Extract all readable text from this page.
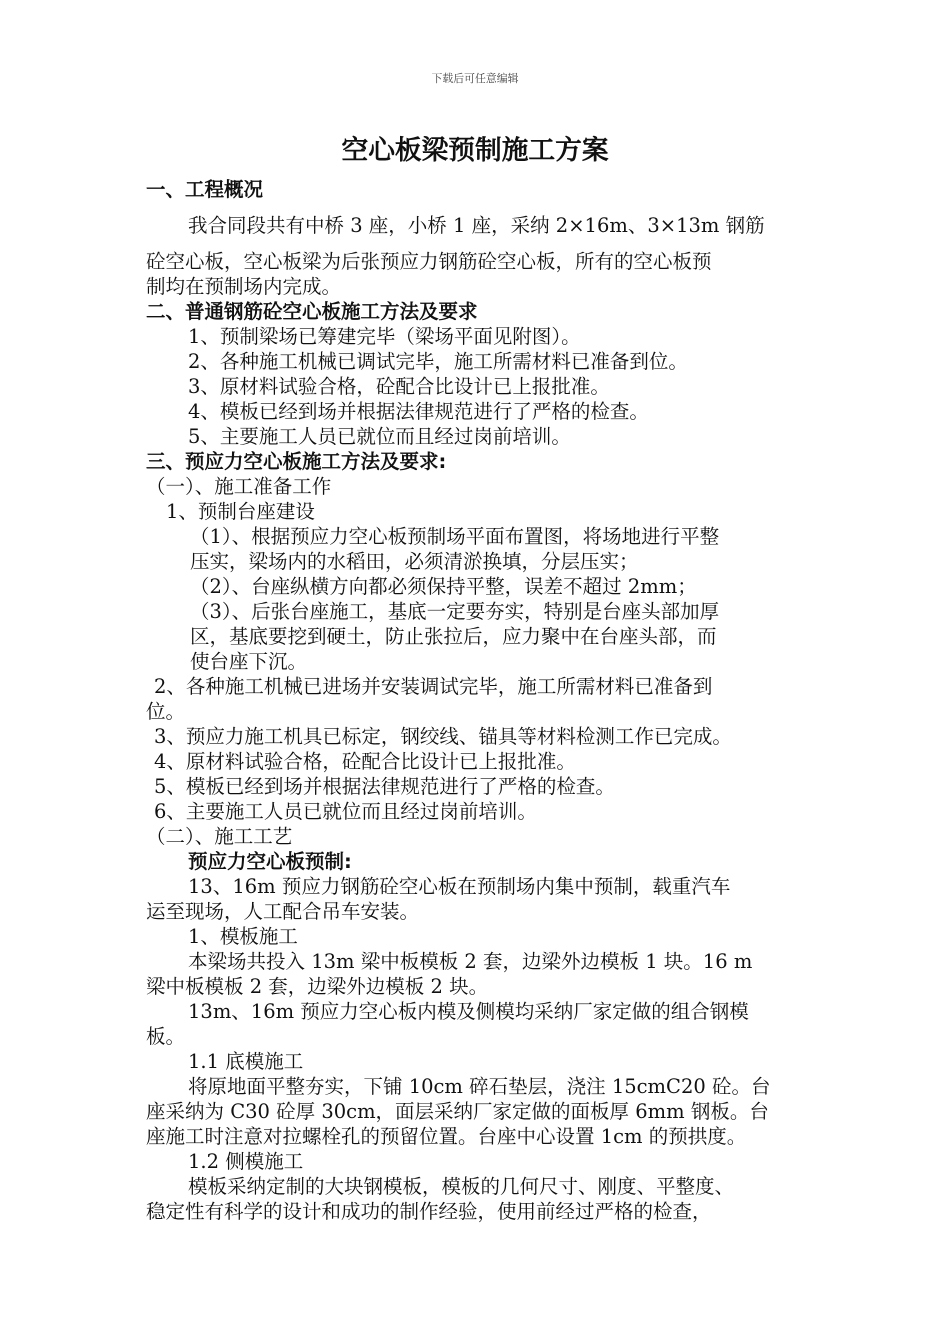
下载后可任意编辑
空心板梁预制施工方案
一、工程概况
我合同段共有中桥 3 座，小桥 1 座，采纳 2×16m、3×13m 钢筋
砼空心板，空心板梁为后张预应力钢筋砼空心板，所有的空心板预
制均在预制场内完成。
二、普通钢筋砼空心板施工方法及要求
1、预制梁场已筹建完毕（梁场平面见附图）。
2、各种施工机械已调试完毕，施工所需材料已准备到位。
3、原材料试验合格，砼配合比设计已上报批准。
4、模板已经到场并根据法律规范进行了严格的检查。
5、主要施工人员已就位而且经过岗前培训。
三、预应力空心板施工方法及要求:
（一）、施工准备工作
1、预制台座建设
（1）、根据预应力空心板预制场平面布置图，将场地进行平整
压实，梁场内的水稻田，必须清淤换填，分层压实；
（2）、台座纵横方向都必须保持平整，误差不超过 2mm；
（3）、后张台座施工，基底一定要夯实，特别是台座头部加厚
区，基底要挖到硬土，防止张拉后，应力聚中在台座头部，而
使台座下沉。
2、各种施工机械已进场并安装调试完毕，施工所需材料已准备到
位。
3、预应力施工机具已标定，钢绞线、锚具等材料检测工作已完成。
4、原材料试验合格，砼配合比设计已上报批准。
5、模板已经到场并根据法律规范进行了严格的检查。
6、主要施工人员已就位而且经过岗前培训。
（二）、施工工艺
预应力空心板预制:
13、16m 预应力钢筋砼空心板在预制场内集中预制，载重汽车
运至现场，人工配合吊车安装。
1、模板施工
本梁场共投入 13m 梁中板模板 2 套，边梁外边模板 1 块。16 m
梁中板模板 2 套，边梁外边模板 2 块。
13m、16m 预应力空心板内模及侧模均采纳厂家定做的组合钢模
板。
1.1 底模施工
将原地面平整夯实，下铺 10cm 碎石垫层，浇注 15cmC20 砼。台
座采纳为 C30 砼厚 30cm，面层采纳厂家定做的面板厚 6mm 钢板。台
座施工时注意对拉螺栓孔的预留位置。台座中心设置 1cm 的预拱度。
1.2 侧模施工
模板采纳定制的大块钢模板，模板的几何尺寸、刚度、平整度、
稳定性有科学的设计和成功的制作经验，使用前经过严格的检查，
